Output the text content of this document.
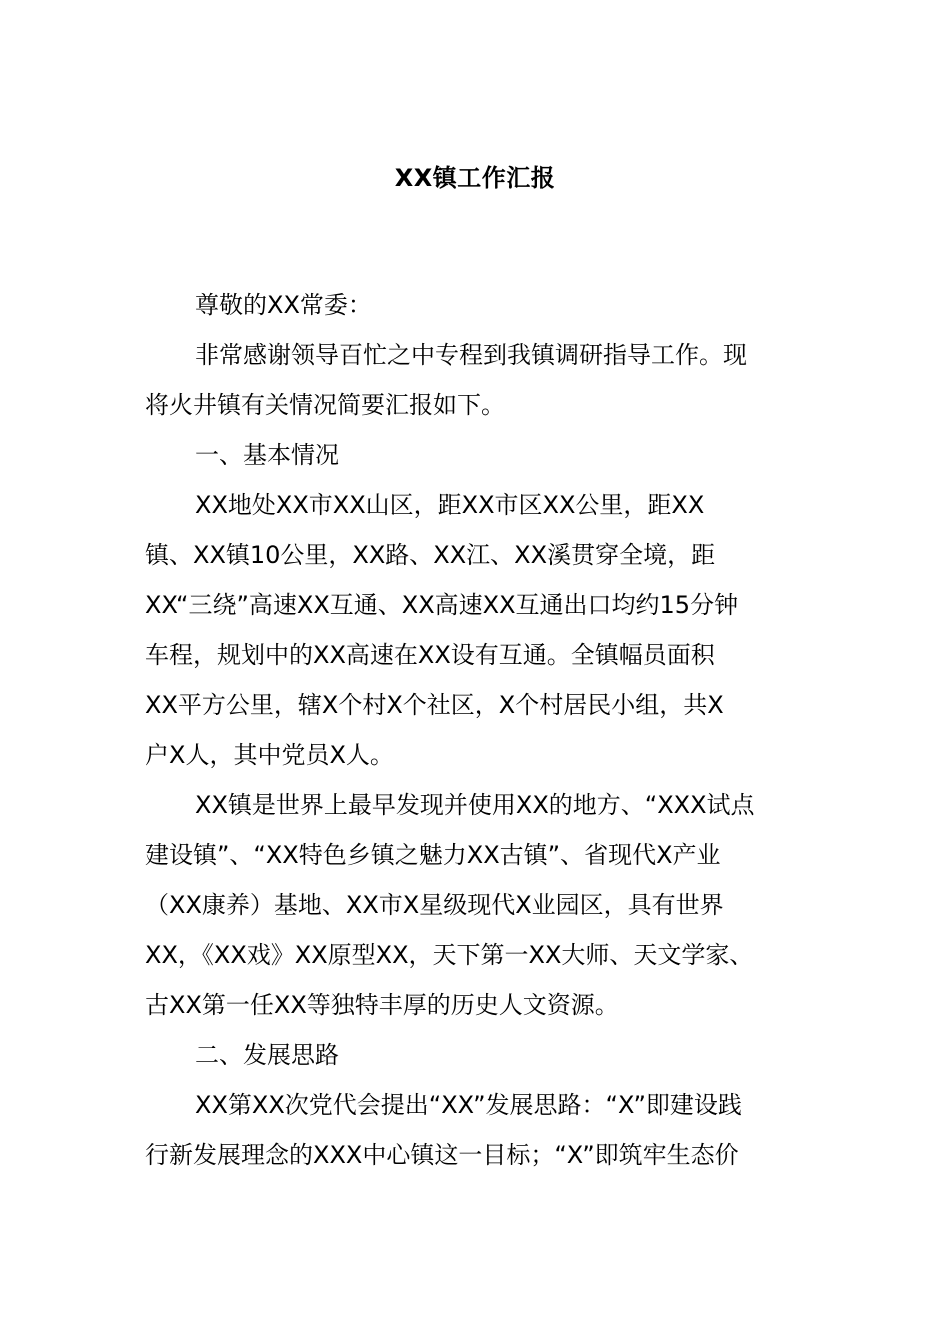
XX镇工作汇报
尊敬的XX常委：
非常感谢领导百忙之中专程到我镇调研指导工作。现
将火井镇有关情况简要汇报如下。
一、基本情况
XX地处XX市XX山区，距XX市区XX公里，距XX
镇、XX镇10公里，XX路、XX江、XX溪贯穿全境，距
XX“三绕”高速XX互通、XX高速XX互通出口均约15分钟
车程，规划中的XX高速在XX设有互通。全镇幅员面积
XX平方公里，辖X个村X个社区，X个村居民小组，共X
户X人，其中党员X人。
XX镇是世界上最早发现并使用XX的地方、“XXX试点
建设镇”、“XX特色乡镇之魅力XX古镇”、省现代X产业
（XX康养）基地、XX市X星级现代X业园区，具有世界
XX，《XX戏》XX原型XX，天下第一XX大师、天文学家、
古XX第一任XX等独特丰厚的历史人文资源。
二、发展思路
XX第XX次党代会提出“XX”发展思路：“X”即建设践
行新发展理念的XXX中心镇这一目标；“X”即筑牢生态价
